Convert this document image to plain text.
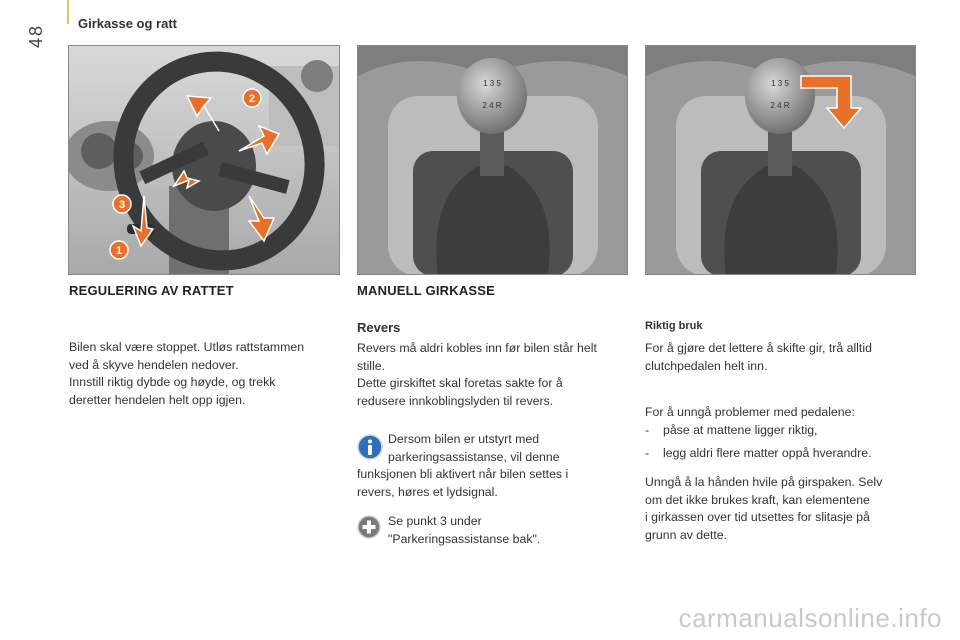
48
Girkasse og ratt
2
3
1
1 3 5
2 4 R
1 3 5
2 4 R
REGULERING AV RATTET

Bilen skal være stoppet. Utløs rattstammen

ved å skyve hendelen nedover.

Innstill riktig dybde og høyde, og trekk

deretter hendelen helt opp igjen.

MANUELL GIRKASSE
Revers

Revers må aldri kobles inn før bilen står helt

stille.

Dette girskiftet skal foretas sakte for å

redusere innkoblingslyden til revers.

Dersom bilen er utstyrt med

parkeringsassistanse, vil denne

funksjonen bli aktivert når bilen settes i

revers, høres et lydsignal.

Se punkt 3 under

"Parkeringsassistanse bak".

Riktig bruk

For å gjøre det lettere å skifte gir, trå alltid

clutchpedalen helt inn.

For å unngå problemer med pedalene:

-	påse at mattene ligger riktig,
-	legg aldri flere matter oppå hverandre.

Unngå å la hånden hvile på girspaken. Selv

om det ikke brukes kraft, kan elementene

i girkassen over tid utsettes for slitasje på

grunn av dette.

carmanualsonline.info
